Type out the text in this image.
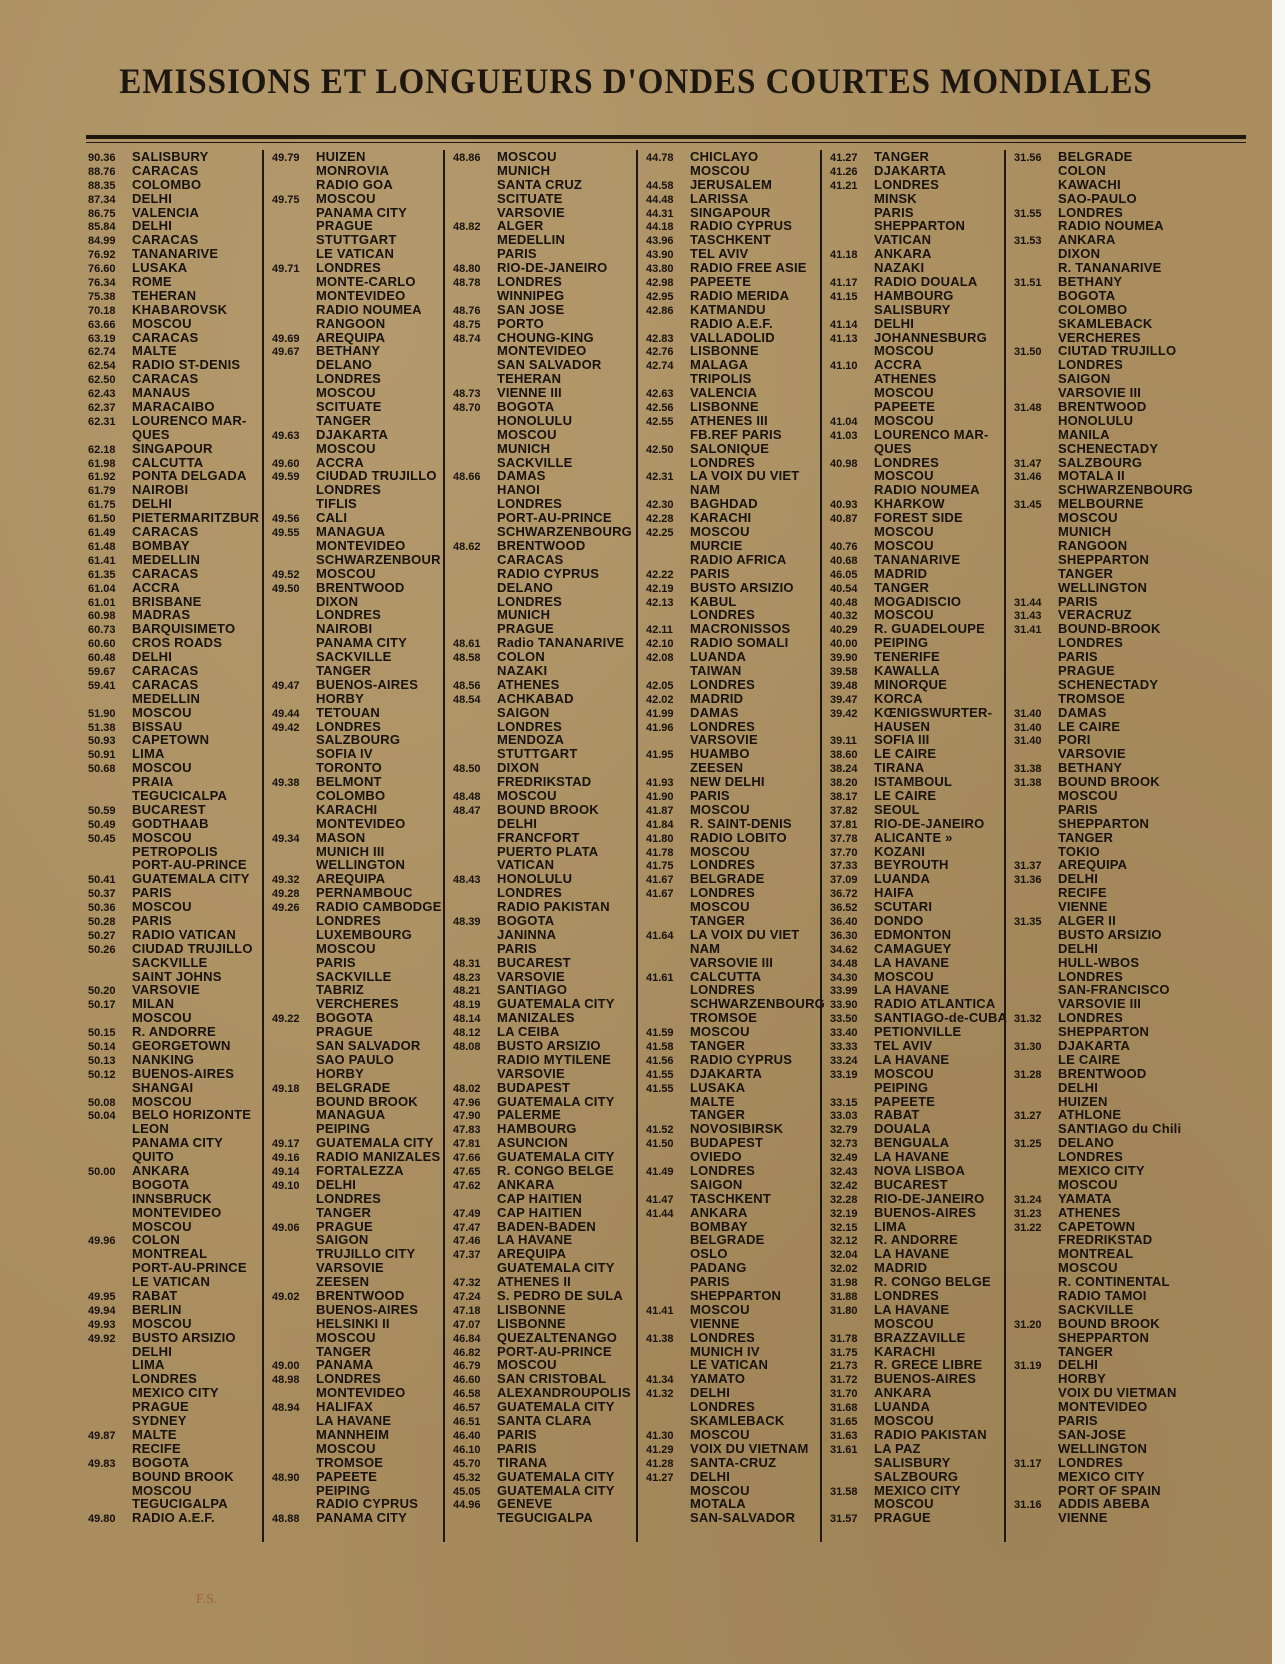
EMISSIONS ET LONGUEURS D'ONDES COURTES MONDIALES
90.36 SALISBURY
88.76 CARACAS
88.35 COLOMBO
87.34 DELHI
86.75 VALENCIA
85.84 DELHI
84.99 CARACAS
76.92 TANANARIVE
76.60 LUSAKA
76.34 ROME
75.38 TEHERAN
70.18 KHABAROVSK
63.66 MOSCOU
63.19 CARACAS
62.74 MALTE
62.54 RADIO ST-DENIS
62.50 CARACAS
62.43 MANAUS
62.37 MARACAIBO
62.31 LOURENCO MAR-
QUES
62.18 SINGAPOUR
61.98 CALCUTTA
61.92 PONTA DELGADA
61.79 NAIROBI
61.75 DELHI
61.50 PIETERMARITZBUR
61.49 CARACAS
61.48 BOMBAY
61.41 MEDELLIN
61.35 CARACAS
61.04 ACCRA
61.01 BRISBANE
60.98 MADRAS
60.73 BARQUISIMETO
60.60 CROS ROADS
60.48 DELHI
59.67 CARACAS
59.41 CARACAS
MEDELLIN
51.90 MOSCOU
51.38 BISSAU
50.93 CAPETOWN
50.91 LIMA
50.68 MOSCOU
PRAIA
TEGUCICALPA
50.59 BUCAREST
50.49 GODTHAAB
50.45 MOSCOU
PETROPOLIS
PORT-AU-PRINCE
50.41 GUATEMALA CITY
50.37 PARIS
50.36 MOSCOU
50.28 PARIS
50.27 RADIO VATICAN
50.26 CIUDAD TRUJILLO
SACKVILLE
SAINT JOHNS
50.20 VARSOVIE
50.17 MILAN
MOSCOU
50.15 R. ANDORRE
50.14 GEORGETOWN
50.13 NANKING
50.12 BUENOS-AIRES
SHANGAI
50.08 MOSCOU
50.04 BELO HORIZONTE
LEON
PANAMA CITY
QUITO
50.00 ANKARA
BOGOTA
INNSBRUCK
MONTEVIDEO
MOSCOU
49.96 COLON
MONTREAL
PORT-AU-PRINCE
LE VATICAN
49.95 RABAT
49.94 BERLIN
49.93 MOSCOU
49.92 BUSTO ARSIZIO
DELHI
LIMA
LONDRES
MEXICO CITY
PRAGUE
SYDNEY
49.87 MALTE
RECIFE
49.83 BOGOTA
BOUND BROOK
MOSCOU
TEGUCIGALPA
49.80 RADIO A.E.F.
49.79 HUIZEN
MONROVIA
RADIO GOA
49.75 MOSCOU
PANAMA CITY
PRAGUE
STUTTGART
LE VATICAN
49.71 LONDRES
MONTE-CARLO
MONTEVIDEO
RADIO NOUMEA
RANGOON
49.69 AREQUIPA
49.67 BETHANY
DELANO
LONDRES
MOSCOU
SCITUATE
TANGER
49.63 DJAKARTA
MOSCOU
49.60 ACCRA
49.59 CIUDAD TRUJILLO
LONDRES
TIFLIS
49.56 CALI
49.55 MANAGUA
MONTEVIDEO
SCHWARZENBOUR
49.52 MOSCOU
49.50 BRENTWOOD
DIXON
LONDRES
NAIROBI
PANAMA CITY
SACKVILLE
TANGER
49.47 BUENOS-AIRES
HORBY
49.44 TETOUAN
49.42 LONDRES
SALZBOURG
SOFIA IV
TORONTO
49.38 BELMONT
COLOMBO
KARACHI
MONTEVIDEO
49.34 MASON
MUNICH III
WELLINGTON
49.32 AREQUIPA
49.28 PERNAMBOUC
49.26 RADIO CAMBODGE
LONDRES
LUXEMBOURG
MOSCOU
PARIS
SACKVILLE
TABRIZ
VERCHERES
49.22 BOGOTA
PRAGUE
SAN SALVADOR
SAO PAULO
HORBY
49.18 BELGRADE
BOUND BROOK
MANAGUA
PEIPING
49.17 GUATEMALA CITY
49.16 RADIO MANIZALES
49.14 FORTALEZZA
49.10 DELHI
LONDRES
TANGER
49.06 PRAGUE
SAIGON
TRUJILLO CITY
VARSOVIE
ZEESEN
49.02 BRENTWOOD
BUENOS-AIRES
HELSINKI II
MOSCOU
TANGER
49.00 PANAMA
48.98 LONDRES
MONTEVIDEO
48.94 HALIFAX
LA HAVANE
MANNHEIM
MOSCOU
TROMSOE
48.90 PAPEETE
PEIPING
RADIO CYPRUS
48.88 PANAMA CITY
48.86 MOSCOU
MUNICH
SANTA CRUZ
SCITUATE
VARSOVIE
48.82 ALGER
MEDELLIN
PARIS
48.80 RIO-DE-JANEIRO
48.78 LONDRES
WINNIPEG
48.76 SAN JOSE
48.75 PORTO
48.74 CHOUNG-KING
MONTEVIDEO
SAN SALVADOR
TEHERAN
48.73 VIENNE III
48.70 BOGOTA
HONOLULU
MOSCOU
MUNICH
SACKVILLE
48.66 DAMAS
HANOI
LONDRES
PORT-AU-PRINCE
SCHWARZENBOURG
48.62 BRENTWOOD
CARACAS
RADIO CYPRUS
DELANO
LONDRES
MUNICH
PRAGUE
48.61 Radio TANANARIVE
48.58 COLON
NAZAKI
48.56 ATHENES
48.54 ACHKABAD
SAIGON
LONDRES
MENDOZA
STUTTGART
48.50 DIXON
FREDRIKSTAD
48.48 MOSCOU
48.47 BOUND BROOK
DELHI
FRANCFORT
PUERTO PLATA
VATICAN
48.43 HONOLULU
LONDRES
RADIO PAKISTAN
48.39 BOGOTA
JANINNA
PARIS
48.31 BUCAREST
48.23 VARSOVIE
48.21 SANTIAGO
48.19 GUATEMALA CITY
48.14 MANIZALES
48.12 LA CEIBA
48.08 BUSTO ARSIZIO
RADIO MYTILENE
VARSOVIE
48.02 BUDAPEST
47.96 GUATEMALA CITY
47.90 PALERME
47.83 HAMBOURG
47.81 ASUNCION
47.66 GUATEMALA CITY
47.65 R. CONGO BELGE
47.62 ANKARA
CAP HAITIEN
47.49 CAP HAITIEN
47.47 BADEN-BADEN
47.46 LA HAVANE
47.37 AREQUIPA
GUATEMALA CITY
47.32 ATHENES II
47.24 S. PEDRO DE SULA
47.18 LISBONNE
47.07 LISBONNE
46.84 QUEZALTENANGO
46.82 PORT-AU-PRINCE
46.79 MOSCOU
46.60 SAN CRISTOBAL
46.58 ALEXANDROUPOLIS
46.57 GUATEMALA CITY
46.51 SANTA CLARA
46.40 PARIS
46.10 PARIS
45.70 TIRANA
45.32 GUATEMALA CITY
45.05 GUATEMALA CITY
44.96 GENEVE
TEGUCIGALPA
44.78 CHICLAYO
MOSCOU
44.58 JERUSALEM
44.48 LARISSA
44.31 SINGAPOUR
44.18 RADIO CYPRUS
43.96 TASCHKENT
43.90 TEL AVIV
43.80 RADIO FREE ASIE
42.98 PAPEETE
42.95 RADIO MERIDA
42.86 KATMANDU
RADIO A.E.F.
42.83 VALLADOLID
42.76 LISBONNE
42.74 MALAGA
TRIPOLIS
42.63 VALENCIA
42.56 LISBONNE
42.55 ATHENES III
FB.REF PARIS
42.50 SALONIQUE
LONDRES
42.31 LA VOIX DU VIET
NAM
42.30 BAGHDAD
42.28 KARACHI
42.25 MOSCOU
MURCIE
RADIO AFRICA
42.22 PARIS
42.19 BUSTO ARSIZIO
42.13 KABUL
LONDRES
42.11 MACRONISSOS
42.10 RADIO SOMALI
42.08 LUANDA
TAIWAN
42.05 LONDRES
42.02 MADRID
41.99 DAMAS
41.96 LONDRES
VARSOVIE
41.95 HUAMBO
ZEESEN
41.93 NEW DELHI
41.90 PARIS
41.87 MOSCOU
41.84 R. SAINT-DENIS
41.80 RADIO LOBITO
41.78 MOSCOU
41.75 LONDRES
41.67 BELGRADE
41.67 LONDRES
MOSCOU
TANGER
41.64 LA VOIX DU VIET
NAM
VARSOVIE III
41.61 CALCUTTA
LONDRES
SCHWARZENBOURG
TROMSOE
41.59 MOSCOU
41.58 TANGER
41.56 RADIO CYPRUS
41.55 DJAKARTA
41.55 LUSAKA
MALTE
TANGER
41.52 NOVOSIBIRSK
41.50 BUDAPEST
OVIEDO
41.49 LONDRES
SAIGON
41.47 TASCHKENT
41.44 ANKARA
BOMBAY
BELGRADE
OSLO
PADANG
PARIS
SHEPPARTON
41.41 MOSCOU
VIENNE
41.38 LONDRES
MUNICH IV
LE VATICAN
41.34 YAMATO
41.32 DELHI
LONDRES
SKAMLEBACK
41.30 MOSCOU
41.29 VOIX DU VIETNAM
41.28 SANTA-CRUZ
41.27 DELHI
MOSCOU
MOTALA
SAN-SALVADOR
41.27 TANGER
41.26 DJAKARTA
41.21 LONDRES
MINSK
PARIS
SHEPPARTON
VATICAN
41.18 ANKARA
NAZAKI
41.17 RADIO DOUALA
41.15 HAMBOURG
SALISBURY
41.14 DELHI
41.13 JOHANNESBURG
MOSCOU
41.10 ACCRA
ATHENES
MOSCOU
PAPEETE
41.04 MOSCOU
41.03 LOURENCO MAR-
QUES
40.98 LONDRES
MOSCOU
RADIO NOUMEA
40.93 KHARKOW
40.87 FOREST SIDE
MOSCOU
40.76 MOSCOU
40.68 TANANARIVE
46.05 MADRID
40.54 TANGER
40.48 MOGADISCIO
40.32 MOSCOU
40.29 R. GUADELOUPE
40.00 PEIPING
39.90 TENERIFE
39.58 KAWALLA
39.48 MINORQUE
39.47 KORCA
39.42 KŒNIGSWURTER-
HAUSEN
39.11 SOFIA III
38.60 LE CAIRE
38.24 TIRANA
38.20 ISTAMBOUL
38.17 LE CAIRE
37.82 SEOUL
37.81 RIO-DE-JANEIRO
37.78 ALICANTE »
37.70 KOZANI
37.33 BEYROUTH
37.09 LUANDA
36.72 HAIFA
36.52 SCUTARI
36.40 DONDO
36.30 EDMONTON
34.62 CAMAGUEY
34.48 LA HAVANE
34.30 MOSCOU
33.99 LA HAVANE
33.90 RADIO ATLANTICA
33.50 SANTIAGO-de-CUBA
33.40 PETIONVILLE
33.33 TEL AVIV
33.24 LA HAVANE
33.19 MOSCOU
PEIPING
33.15 PAPEETE
33.03 RABAT
32.79 DOUALA
32.73 BENGUALA
32.49 LA HAVANE
32.43 NOVA LISBOA
32.42 BUCAREST
32.28 RIO-DE-JANEIRO
32.19 BUENOS-AIRES
32.15 LIMA
32.12 R. ANDORRE
32.04 LA HAVANE
32.02 MADRID
31.98 R. CONGO BELGE
31.88 LONDRES
31.80 LA HAVANE
MOSCOU
31.78 BRAZZAVILLE
31.75 KARACHI
21.73 R. GRECE LIBRE
31.72 BUENOS-AIRES
31.70 ANKARA
31.68 LUANDA
31.65 MOSCOU
31.63 RADIO PAKISTAN
31.61 LA PAZ
SALISBURY
SALZBOURG
31.58 MEXICO CITY
MOSCOU
31.57 PRAGUE
31.56 BELGRADE
COLON
KAWACHI
SAO-PAULO
31.55 LONDRES
RADIO NOUMEA
31.53 ANKARA
DIXON
R. TANANARIVE
31.51 BETHANY
BOGOTA
COLOMBO
SKAMLEBACK
VERCHERES
31.50 CIUTAD TRUJILLO
LONDRES
SAIGON
VARSOVIE III
31.48 BRENTWOOD
HONOLULU
MANILA
SCHENECTADY
31.47 SALZBOURG
31.46 MOTALA II
SCHWARZENBOURG
31.45 MELBOURNE
MOSCOU
MUNICH
RANGOON
SHEPPARTON
TANGER
WELLINGTON
31.44 PARIS
31.43 VERACRUZ
31.41 BOUND-BROOK
LONDRES
PARIS
PRAGUE
SCHENECTADY
TROMSOE
31.40 DAMAS
31.40 LE CAIRE
31.40 PORI
VARSOVIE
31.38 BETHANY
31.38 BOUND BROOK
MOSCOU
PARIS
SHEPPARTON
TANGER
TOKIO
31.37 AREQUIPA
31.36 DELHI
RECIFE
VIENNE
31.35 ALGER II
BUSTO ARSIZIO
DELHI
HULL-WBOS
LONDRES
SAN-FRANCISCO
VARSOVIE III
31.32 LONDRES
SHEPPARTON
31.30 DJAKARTA
LE CAIRE
31.28 BRENTWOOD
DELHI
HUIZEN
31.27 ATHLONE
SANTIAGO du Chili
31.25 DELANO
LONDRES
MEXICO CITY
MOSCOU
31.24 YAMATA
31.23 ATHENES
31.22 CAPETOWN
FREDRIKSTAD
MONTREAL
MOSCOU
R. CONTINENTAL
RADIO TAMOI
SACKVILLE
31.20 BOUND BROOK
SHEPPARTON
TANGER
31.19 DELHI
HORBY
VOIX DU VIETMAN
MONTEVIDEO
PARIS
SAN-JOSE
WELLINGTON
31.17 LONDRES
MEXICO CITY
PORT OF SPAIN
31.16 ADDIS ABEBA
VIENNE
F.S.
